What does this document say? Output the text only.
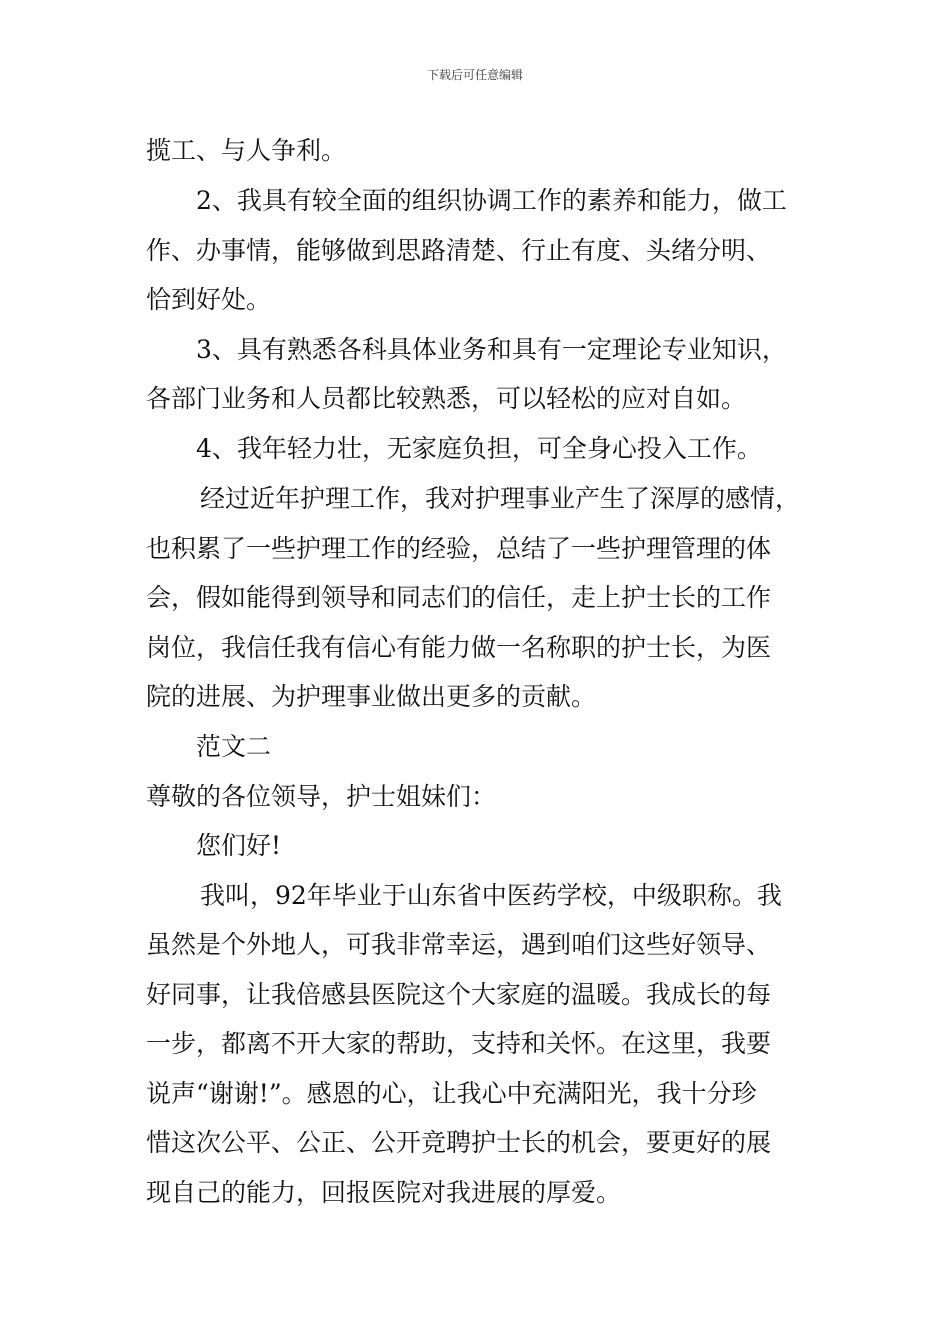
下载后可任意编辑
揽工、与人争利。
2、我具有较全面的组织协调工作的素养和能力，做工
作、办事情，能够做到思路清楚、行止有度、头绪分明、
恰到好处。
3、具有熟悉各科具体业务和具有一定理论专业知识，
各部门业务和人员都比较熟悉，可以轻松的应对自如。
4、我年轻力壮，无家庭负担，可全身心投入工作。
经过近年护理工作，我对护理事业产生了深厚的感情，
也积累了一些护理工作的经验，总结了一些护理管理的体
会，假如能得到领导和同志们的信任，走上护士长的工作
岗位，我信任我有信心有能力做一名称职的护士长，为医
院的进展、为护理事业做出更多的贡献。
范文二
尊敬的各位领导，护士姐妹们：
您们好!
我叫，92年毕业于山东省中医药学校，中级职称。我
虽然是个外地人，可我非常幸运，遇到咱们这些好领导、
好同事，让我倍感县医院这个大家庭的温暖。我成长的每
一步，都离不开大家的帮助，支持和关怀。在这里，我要
说声“谢谢!”。感恩的心，让我心中充满阳光，我十分珍
惜这次公平、公正、公开竞聘护士长的机会，要更好的展
现自己的能力，回报医院对我进展的厚爱。
